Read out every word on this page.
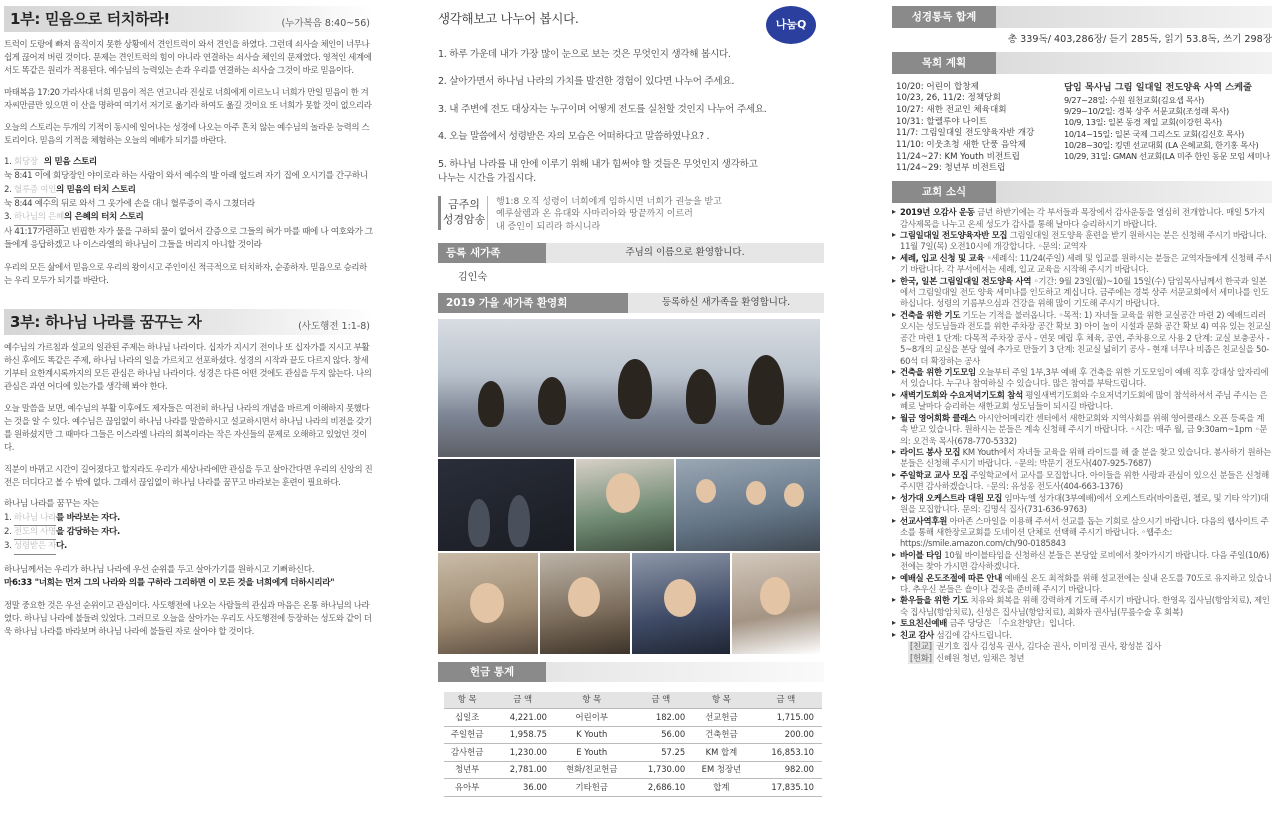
1부: 믿음으로 터치하라!	(누가복음 8:40~56)

트럭이 도랑에 빠져 움직이지 못한 상황에서 견인트럭이 와서 견인을 하였다. 그런데 쇠사슬 체인이 너무나 쉽게 끊어져 버린 것이다. 문제는 견인트럭의 힘이 아니라 연결하는 쇠사슬 체인의 문제였다. 영적인 세계에서도 똑같은 원리가 적용된다. 예수님의 능력있는 손과 우리를 연결하는 쇠사슬 그것이 바로 믿음이다.

마태복음 17:20 가라사대 너희 믿음이 적은 연고니라 진실로 너희에게 이르노니 너희가 만일 믿음이 한 겨자씨만큼만 있으면 이 산을 명하여 여기서 저기로 옮기라 하여도 옮길 것이요 또 너희가 못할 것이 없으리라

오늘의 스토리는 두개의 기적이 동시에 일어나는 성경에 나오는 아주 흔치 않는 예수님의 놀라운 능력의 스토리이다. 믿음의 기적을 체험하는 오늘의 예배가 되기를 바란다.

1. 회당장 의 믿음 스토리
눅 8:41 이에 회당장인 야이로라 하는 사람이 와서 예수의 발 아래 엎드려 자기 집에 오시기를 간구하니
2. 혈루증 여인의 믿음의 터치 스토리
눅 8:44 예수의 뒤로 와서 그 옷가에 손을 대니 혈루증이 즉시 그쳤더라
3. 하나님의 은혜의 은혜의 터치 스토리
사 41:17가련하고 빈핍한 자가 물을 구하되 물이 없어서 갈증으로 그들의 혀가 마를 때에 나 여호와가 그들에게 응답하겠고 나 이스라엘의 하나님이 그들을 버리지 아니할 것이라

우리의 모든 삶에서 믿음으로 우리의 왕이시고 주인이신 적극적으로 터치하자, 순종하자. 믿음으로 승리하는 우리 모두가 되기를 바란다.

3부: 하나님 나라를 꿈꾸는 자	(사도행전 1:1-8)

예수님의 가르침과 설교의 일관된 주제는 하나님 나라이다. 십자가 지시기 전이나 또 십자가를 지시고 부활하신 후에도 똑같은 주제, 하나님 나라의 일을 가르치고 선포하셨다. 성경의 시작과 끝도 다르지 않다. 창세기부터 요한계시록까지의 모든 관심은 하나님 나라이다. 성경은 다른 어떤 것에도 관심을 두지 않는다. 나의 관심은 과연 어디에 있는가를 생각해 봐야 한다.

오늘 말씀을 보면, 예수님의 부활 이후에도 제자들은 여전히 하나님 나라의 개념을 바르게 이해하지 못했다는 것을 알 수 있다. 예수님은 끊임없이 하나님 나라를 말씀하시고 설교하시면서 하나님 나라의 비전을 갖기를 원하셨지만 그 때마다 그들은 이스라엘 나라의 회복이라는 작은 자신들의 문제로 오해하고 있었던 것이다.

직분이 바뀌고 시간이 길어졌다고 할지라도 우리가 세상나라에만 관심을 두고 살아간다면 우리의 신앙의 진전은 더디다고 볼 수 밖에 없다. 그래서 끊임없이 하나님 나라를 꿈꾸고 바라보는 훈련이 필요하다.

하나님 나라를 꿈꾸는 자는
1. 하나님 나라를 바라보는 자다.
2. 전도의 사명을 감당하는 자다.
3. 성령받은 자다.
하나님께서는 우리가 하나님 나라에 우선 순위를 두고 살아가기를 원하시고 기뻐하신다.
마6:33 "너희는 먼저 그의 나라와 의를 구하라 그리하면 이 모든 것을 너희에게 더하시리라"

정말 중요한 것은 우선 순위이고 관심이다. 사도행전에 나오는 사람들의 관심과 마음은 온통 하나님의 나라였다. 하나님 나라에 불들려 있었다. 그러므로 오늘을 살아가는 우리도 사도행전에 등장하는 성도와 같이 더욱 하나님 나라를 바라보며 하나님 나라에 불들린 자로 살아야 할 것이다.

생각해보고 나누어 봅시다.	나눔Q
1. 하루 가운데 내가 가장 많이 눈으로 보는 것은 무엇인지 생각해 봅시다.
2. 살아가면서 하나님 나라의 가치를 발견한 경험이 있다면 나누어 주세요.
3. 내 주변에 전도 대상자는 누구이며 어떻게 전도를 실천할 것인지 나누어 주세요.
4. 오늘 말씀에서 성령받은 자의 모습은 어떠하다고 말씀하였나요? .
5. 하나님 나라를 내 안에 이루기 위해 내가 힘써야 할 것들은 무엇인지 생각하고
나누는 시간을 가집시다.
금주의
성경암송
행1:8 오직 성령이 너희에게 임하시면 너희가 권능을 받고
예루살렘과 온 유대와 사마리아와 땅끝까지 이르러
내 증인이 되리라 하시니라
등록 새가족	주님의 이름으로 환영합니다.
김인숙
2019 가을 새가족 환영회	등록하신 새가족을 환영합니다.
헌금 통계
항 목	금 액	항 목	금 액	항 목	금 액
십일조	4,221.00	어린이부	182.00	선교헌금	1,715.00
주일헌금	1,958.75	K Youth	56.00	건축헌금	200.00
감사헌금	1,230.00	E Youth	57.25	KM 합계	16,853.10
청년부	2,781.00	현화/친교헌금	1,730.00	EM 청장년	982.00
유아부	36.00	기타헌금	2,686.10	합계	17,835.10
성경통독 합계
총 339독/ 403,286장/ 듣기 285독, 읽기 53.8독, 쓰기 298장
목회 계획
10/20: 어린이 합창제
10/23, 26, 11/2: 정책당회
10/27: 새한 전교인 체육대회
10/31: 할렐루야 나이트
11/7: 그림일대일 전도양육자반 개강
11/10: 이웃초청 새한 단풍 음악제
11/24~27: KM Youth 비전트립
11/24~29: 청년부 비전트립
담임 목사님 그림 일대일 전도양육 사역 스케줄
9/27~28일: 수원 원천교회(김요셉 목사)
9/29~10/2일: 경북 상주 서문교회(조성래 목사)
10/9, 13일: 일본 동경 제일 교회(이강헌 목사)
10/14~15일: 일본 국제 그리스도 교회(김신호 목사)
10/28~30일: 킹덴 선교대회 (LA 은혜교회, 한기홍 목사)
10/29, 31일: GMAN 선교회(LA 미주 한인 동문 모임 세미나
교회 소식
▸ 2019년 오감사 운동 금년 하반기에는 각 부서들과 목장에서 감사운동을 열심히 전개합니다. 매일 5가지 감사제목을 나누고 온세 성도가 감사를 통해 날마다 승리하시기 바랍니다.
▸ 그림일대일 전도양육자반 모집 그림일대일 전도양육 훈련을 받기 원하시는 분은 신청해 주시기 바랍니다. 11월 7일(목) 오전10시에 개강합니다. ◦문의: 교역자
▸ 세례, 입교 신청 및 교육 ◦세례식: 11/24(주일) 세례 및 입교를 원하시는 분들은 교역자들에게 신청해 주시기 바랍니다. 각 부서에서는 세례, 입교 교육을 시작해 주시기 바랍니다.
▸ 한국, 일본 그림일대일 전도양육 사역 ◦기간: 9월 23일(월)~10월 15일(수) 담임목사님께서 한국과 일본에서 그림일대일 전도 양육 세미나를 인도하고 계십니다. 금주에는 경북 상주 서문교회에서 세미나를 인도하십니다. 성령의 기름부으심과 건강을 위해 많이 기도해 주시기 바랍니다.
▸ 건축을 위한 기도 기도는 기적을 불러옵니다. ◦목적: 1) 자녀들 교육을 위한 교실공간 마련 2) 예배드리러 오시는 성도님들과 전도를 위한 주차장 공간 확보 3) 아이 놀이 시설과 문화 공간 확보 4) 여유 있는 친교실 공간 마련 1 단계: 다목적 주차장 공사 - 연못 메립 후 체육, 공연, 주차용으로 사용 2 단계: 교실 보충공사 - 5~8개의 교실을 본당 옆에 추가로 만들기 3 단계: 친교실 넓히기 공사 - 현재 너무나 비좁은 친교실을 50-60석 더 확장하는 공사
▸ 건축을 위한 기도모임 오늘부터 주일 1부,3부 예배 후 건축을 위한 기도모임이 예배 직후 강대상 앞자리에서 있습니다. 누구나 참여하실 수 있습니다. 많은 참여를 부탁드립니다.
▸ 새벽기도회와 수요저녁기도회 참석 평일새벽기도회와 수요저녁기도회에 많이 참석하셔서 주님 주시는 은혜로 날마다 승리하는 새한교회 성도님들이 되시길 바랍니다.
▸ 월금 영어회화 클래스 아시안어메리칸 센터에서 새한교회와 지역사회를 위해 영어클래스 오픈 등록을 계속 받고 있습니다. 원하시는 분들은 계속 신청해 주시기 바랍니다. ◦시간: 매주 월, 금 9:30am~1pm ◦문의: 오건욱 목사(678-770-5332)
▸ 라이드 봉사 모집 KM Youth에서 자녀들 교육을 위해 라이드를 해 줄 분을 찾고 있습니다. 봉사하기 원하는 분들은 신청해 주시기 바랍니다. ◦문의: 박문기 전도사(407-925-7687)
▸ 주일학교 교사 모집 주일학교에서 교사를 모집합니다. 아이들을 위한 사랑과 관심이 있으신 분들은 신청해 주시면 감사하겠습니다. ◦문의: 유성옹 전도사(404-663-1376)
▸ 성가대 오케스트라 대원 모집 임마누엘 성가대(3부예배)에서 오케스트라(바이올린, 첼로, 및 기타 악기)대원을 모집합니다. 문의: 김명식 집사(731-636-9763)
▸ 선교사역후원 아마존 스마일을 이용해 주셔서 선교를 돕는 기회로 삼으시기 바랍니다. 다음의 웹사이트 주소를 통해 새한장로교회를 도네이션 단체로 선택해 주시기 바랍니다. ◦웹주소: https://smile.amazon.com/ch/90-0185843
▸ 바이블 타임 10월 바이블타임을 신청하신 분들은 본당앞 로비에서 찾아가시기 바랍니다. 다음 주일(10/6) 전에는 찾아 가시면 감사하겠니다.
▸ 예배실 온도조절에 따른 안내 예배실 온도 최적화를 위해 설교전에는 실내 온도를 70도로 유지하고 있습니다. 추우신 분들은 숄이나 겉옷을 준비해 주시기 바랍니다.
▸ 환우들을 위한 기도 치유와 회복을 위해 강력하게 기도해 주시기 바랍니다. 한영옥 집사님(항암치료), 제인숙 집사님(항암치료), 신성은 집사님(항암치료), 최화자 권사님(무릎수술 후 회복)
▸ 토요친신예배 금주 당당은 「수요찬양단」입니다.
▸ 친교 감사 섬김에 감사드립니다.
[친교] 권기호 집사 김성옥 권사, 김다순 권사, 이미정 권사, 왕성분 집사
[헌화] 신혜원 청년, 임채은 청년
